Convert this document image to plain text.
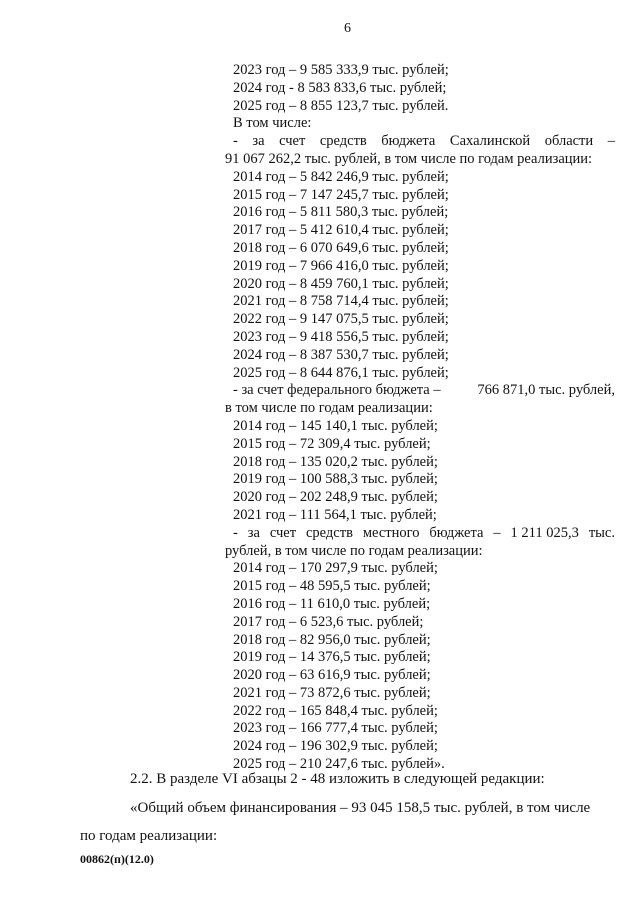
6
2023 год – 9 585 333,9 тыс. рублей;
2024 год - 8 583 833,6 тыс. рублей;
2025 год – 8 855 123,7 тыс. рублей.
В том числе:
- за счет средств бюджета Сахалинской области –
91 067 262,2 тыс. рублей, в том числе по годам реализации:
2014 год – 5 842 246,9 тыс. рублей;
2015 год – 7 147 245,7 тыс. рублей;
2016 год – 5 811 580,3 тыс. рублей;
2017 год – 5 412 610,4 тыс. рублей;
2018 год – 6 070 649,6 тыс. рублей;
2019 год – 7 966 416,0 тыс. рублей;
2020 год – 8 459 760,1 тыс. рублей;
2021 год – 8 758 714,4 тыс. рублей;
2022 год – 9 147 075,5 тыс. рублей;
2023 год – 9 418 556,5 тыс. рублей;
2024 год – 8 387 530,7 тыс. рублей;
2025 год – 8 644 876,1 тыс. рублей;
- за счет федерального бюджета –	766 871,0 тыс. рублей,
в том числе по годам реализации:
2014 год – 145 140,1 тыс. рублей;
2015 год – 72 309,4 тыс. рублей;
2018 год – 135 020,2 тыс. рублей;
2019 год – 100 588,3 тыс. рублей;
2020 год – 202 248,9 тыс. рублей;
2021 год – 111 564,1 тыс. рублей;
- за счет средств местного бюджета – 1 211 025,3 тыс.
рублей, в том числе по годам реализации:
2014 год – 170 297,9 тыс. рублей;
2015 год – 48 595,5 тыс. рублей;
2016 год – 11 610,0 тыс. рублей;
2017 год – 6 523,6 тыс. рублей;
2018 год – 82 956,0 тыс. рублей;
2019 год – 14 376,5 тыс. рублей;
2020 год – 63 616,9 тыс. рублей;
2021 год – 73 872,6 тыс. рублей;
2022 год – 165 848,4 тыс. рублей;
2023 год – 166 777,4 тыс. рублей;
2024 год – 196 302,9 тыс. рублей;
2025 год – 210 247,6 тыс. рублей».
2.2. В разделе VI абзацы 2 - 48 изложить в следующей редакции:
«Общий объем финансирования – 93 045 158,5 тыс. рублей, в том числе
по годам реализации:
00862(п)(12.0)
